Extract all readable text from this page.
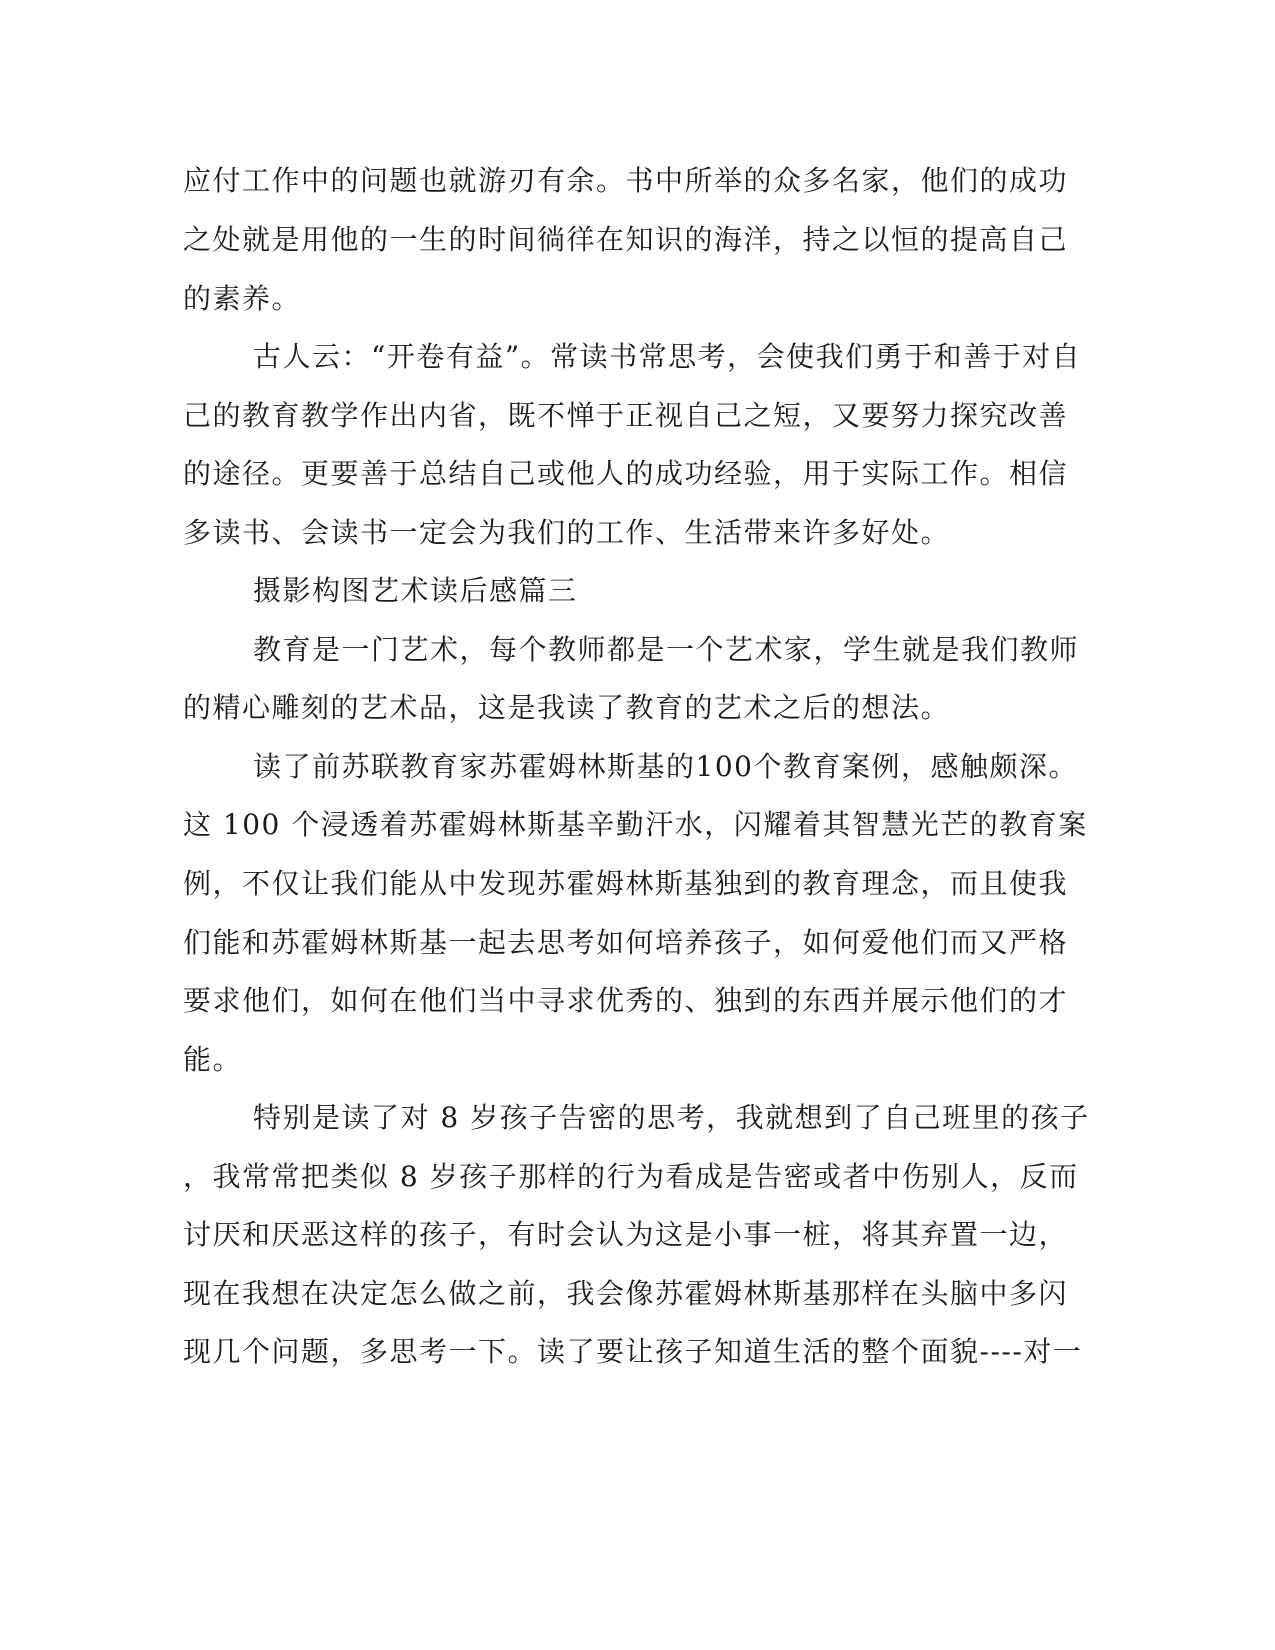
应付工作中的问题也就游刃有余。书中所举的众多名家，他们的成功
之处就是用他的一生的时间徜徉在知识的海洋，持之以恒的提高自己
的素养。
古人云：“开卷有益”。常读书常思考，会使我们勇于和善于对自
己的教育教学作出内省，既不惮于正视自己之短，又要努力探究改善
的途径。更要善于总结自己或他人的成功经验，用于实际工作。相信
多读书、会读书一定会为我们的工作、生活带来许多好处。
摄影构图艺术读后感篇三
教育是一门艺术，每个教师都是一个艺术家，学生就是我们教师
的精心雕刻的艺术品，这是我读了教育的艺术之后的想法。
读了前苏联教育家苏霍姆林斯基的100个教育案例，感触颇深。
这 100 个浸透着苏霍姆林斯基辛勤汗水，闪耀着其智慧光芒的教育案
例，不仅让我们能从中发现苏霍姆林斯基独到的教育理念，而且使我
们能和苏霍姆林斯基一起去思考如何培养孩子，如何爱他们而又严格
要求他们，如何在他们当中寻求优秀的、独到的东西并展示他们的才
能。
特别是读了对 8 岁孩子告密的思考，我就想到了自己班里的孩子
，我常常把类似 8 岁孩子那样的行为看成是告密或者中伤别人，反而
讨厌和厌恶这样的孩子，有时会认为这是小事一桩，将其弃置一边，
现在我想在决定怎么做之前，我会像苏霍姆林斯基那样在头脑中多闪
现几个问题，多思考一下。读了要让孩子知道生活的整个面貌----对一
